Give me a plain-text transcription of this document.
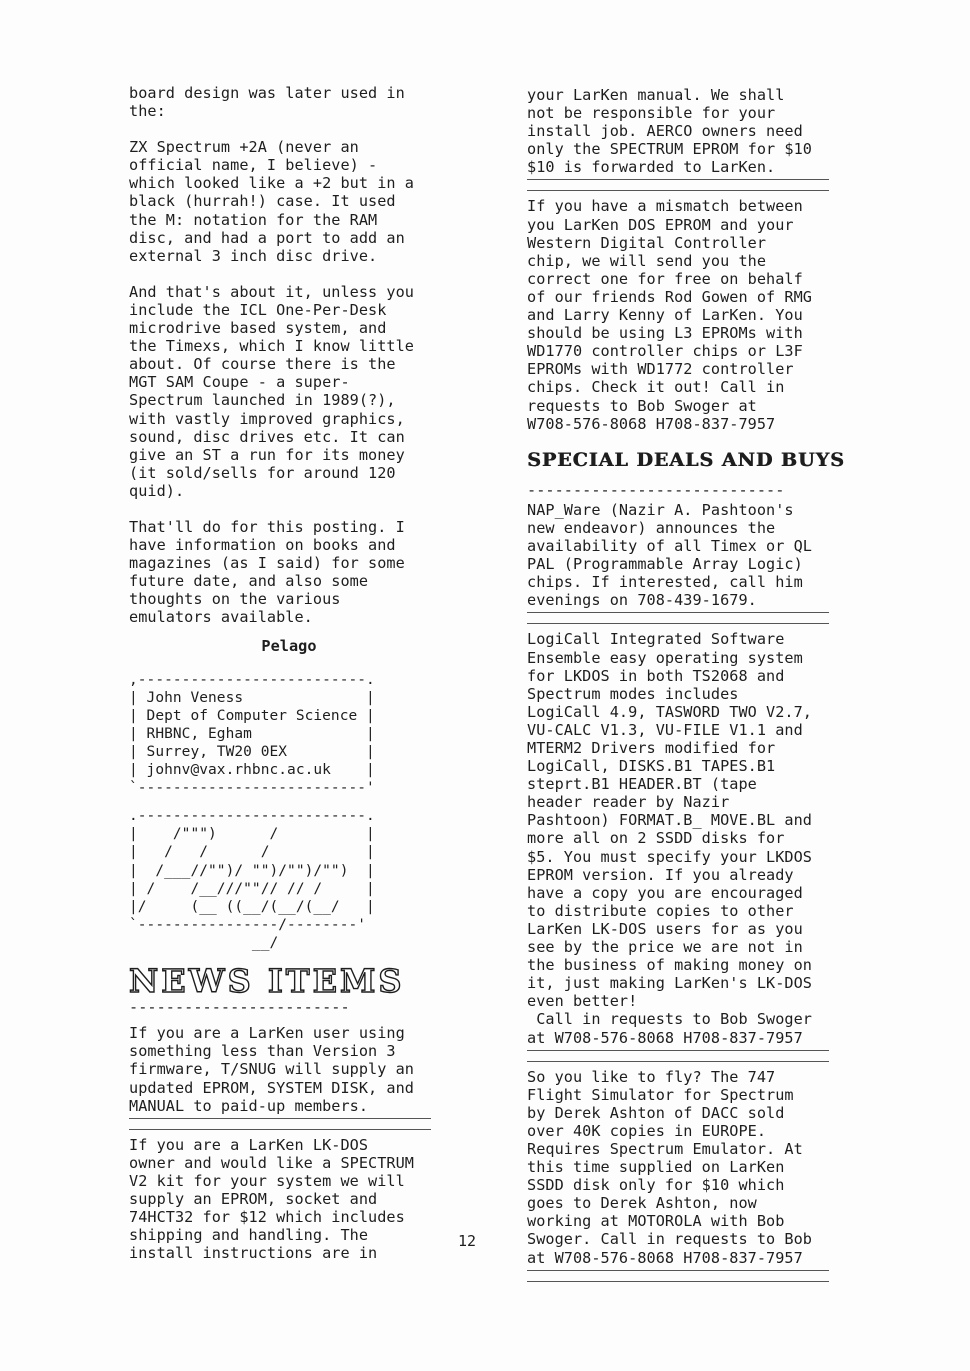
board design was later used in
the:
ZX Spectrum +2A (never an
official name, I believe) -
which looked like a +2 but in a
black (hurrah!) case. It used
the M: notation for the RAM
disc, and had a port to add an
external 3 inch disc drive.
And that's about it, unless you
include the ICL One-Per-Desk
microdrive based system, and
the Timexs, which I know little
about. Of course there is the
MGT SAM Coupe - a super-
Spectrum launched in 1989(?),
with vastly improved graphics,
sound, disc drives etc. It can
give an ST a run for its money
(it sold/sells for around 120
quid).
That'll do for this posting. I
have information on books and
magazines (as I said) for some
future date, and also some
thoughts on the various
emulators available.
Pelago
,--------------------------.
| John Veness              |
| Dept of Computer Science |
| RHBNC, Egham             |
| Surrey, TW20 0EX         |
| johnv@vax.rhbnc.ac.uk    |
`--------------------------'
.--------------------------.
|    /""")      /          |
|   /   /      /           |
|  /___//"")/ "")/"")/"")  |
| /    /__///""// // /     |
|/     (__ ((__/(__/(__/   |
`----------------/--------'
__/
NEWS ITEMS
------------------------
If you are a LarKen user using
something less than Version 3
firmware, T/SNUG will supply an
updated EPROM, SYSTEM DISK, and
MANUAL to paid-up members.
If you are a LarKen LK-DOS
owner and would like a SPECTRUM
V2 kit for your system we will
supply an EPROM, socket and
74HCT32 for $12 which includes
shipping and handling. The
install instructions are in
12
your LarKen manual. We shall
not be responsible for your
install job. AERCO owners need
only the SPECTRUM EPROM for $10
$10 is forwarded to LarKen.
If you have a mismatch between
you LarKen DOS EPROM and your
Western Digital Controller
chip, we will send you the
correct one for free on behalf
of our friends Rod Gowen of RMG
and Larry Kenny of LarKen. You
should be using L3 EPROMs with
WD1770 controller chips or L3F
EPROMs with WD1772 controller
chips. Check it out! Call in
requests to Bob Swoger at
W708-576-8068 H708-837-7957
SPECIAL DEALS AND BUYS
----------------------------
NAP_Ware (Nazir A. Pashtoon's
new endeavor) announces the
availability of all Timex or QL
PAL (Programmable Array Logic)
chips. If interested, call him
evenings on 708-439-1679.
LogiCall Integrated Software
Ensemble easy operating system
for LKDOS in both TS2068 and
Spectrum modes includes
LogiCall 4.9, TASWORD TWO V2.7,
VU-CALC V1.3, VU-FILE V1.1 and
MTERM2 Drivers modified for
LogiCall, DISKS.B1 TAPES.B1
steprt.B1 HEADER.BT (tape
header reader by Nazir
Pashtoon) FORMAT.B_ MOVE.BL and
more all on 2 SSDD disks for
$5. You must specify your LKDOS
EPROM version. If you already
have a copy you are encouraged
to distribute copies to other
LarKen LK-DOS users for as you
see by the price we are not in
the business of making money on
it, just making LarKen's LK-DOS
even better!
Call in requests to Bob Swoger
at W708-576-8068 H708-837-7957
So you like to fly? The 747
Flight Simulator for Spectrum
by Derek Ashton of DACC sold
over 40K copies in EUROPE.
Requires Spectrum Emulator. At
this time supplied on LarKen
SSDD disk only for $10 which
goes to Derek Ashton, now
working at MOTOROLA with Bob
Swoger. Call in requests to Bob
at W708-576-8068 H708-837-7957
